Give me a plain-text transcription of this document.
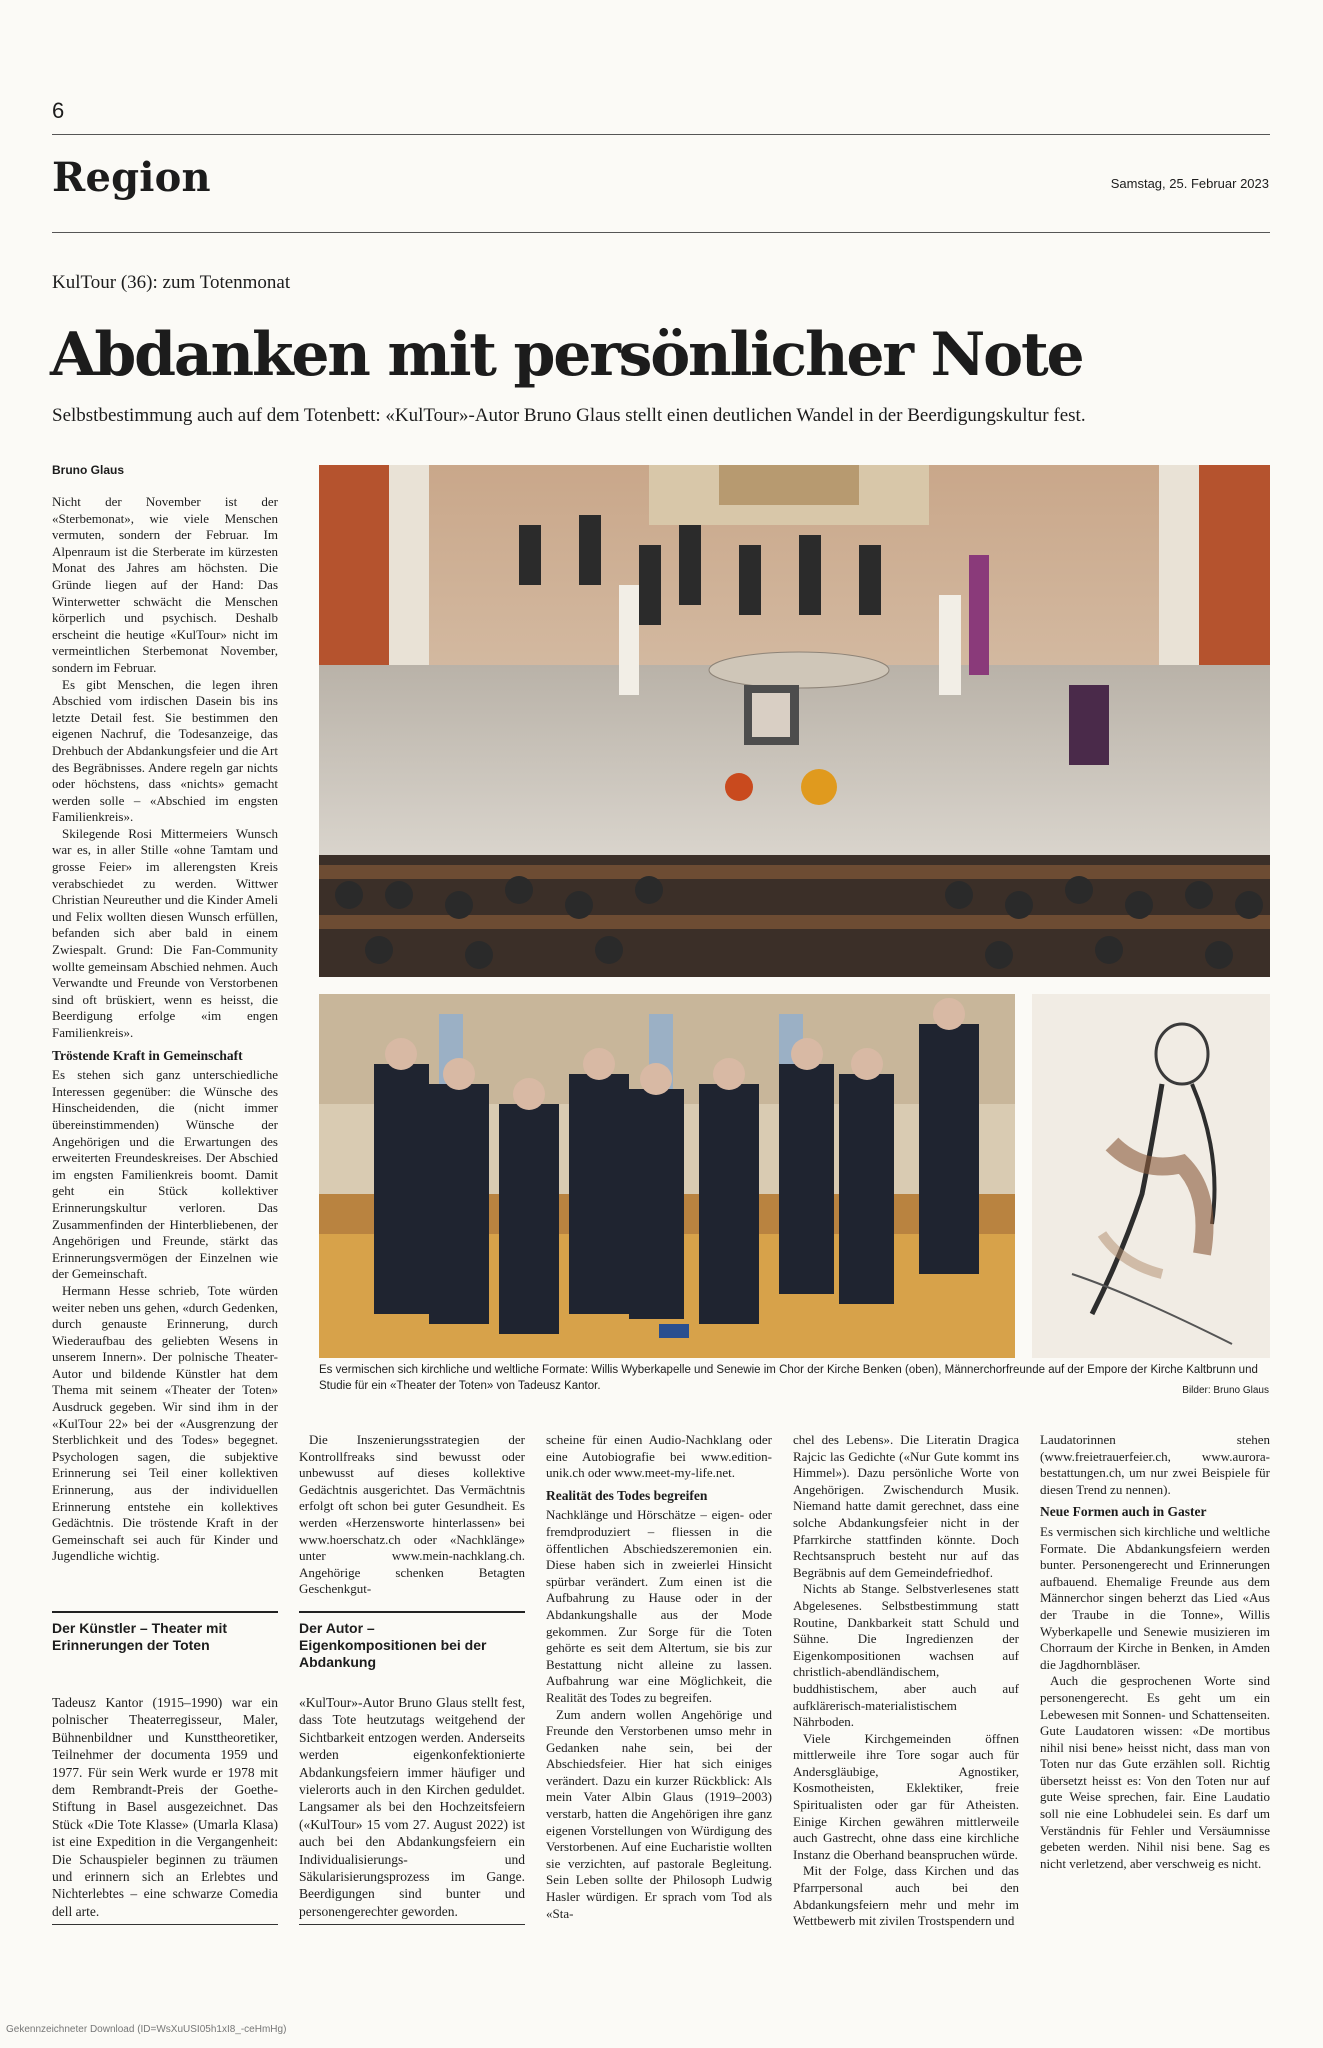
6
Region	Samstag, 25. Februar 2023
KulTour (36): zum Totenmonat
Abdanken mit persönlicher Note
Selbstbestimmung auch auf dem Totenbett: «KulTour»-Autor Bruno Glaus stellt einen deutlichen Wandel in der Beerdigungskultur fest.
Bruno Glaus

Nicht der November ist der «Sterbemonat», wie viele Menschen vermuten, sondern der Februar. Im Alpenraum ist die Sterberate im kürzesten Monat des Jahres am höchsten. Die Gründe liegen auf der Hand: Das Winterwetter schwächt die Menschen körperlich und psychisch. Deshalb erscheint die heutige «KulTour» nicht im vermeintlichen Sterbemonat November, sondern im Februar.

Es gibt Menschen, die legen ihren Abschied vom irdischen Dasein bis ins letzte Detail fest. Sie bestimmen den eigenen Nachruf, die Todesanzeige, das Drehbuch der Abdankungsfeier und die Art des Begräbnisses. Andere regeln gar nichts oder höchstens, dass «nichts» gemacht werden solle – «Abschied im engsten Familienkreis».

Skilegende Rosi Mittermeiers Wunsch war es, in aller Stille «ohne Tamtam und grosse Feier» im allerengsten Kreis verabschiedet zu werden. Wittwer Christian Neureuther und die Kinder Ameli und Felix wollten diesen Wunsch erfüllen, befanden sich aber bald in einem Zwiespalt. Grund: Die Fan-Community wollte gemeinsam Abschied nehmen. Auch Verwandte und Freunde von Verstorbenen sind oft brüskiert, wenn es heisst, die Beerdigung erfolge «im engen Familienkreis».

Tröstende Kraft in Gemeinschaft

Es stehen sich ganz unterschiedliche Interessen gegenüber: die Wünsche des Hinscheidenden, die (nicht immer übereinstimmenden) Wünsche der Angehörigen und die Erwartungen des erweiterten Freundeskreises. Der Abschied im engsten Familienkreis boomt. Damit geht ein Stück kollektiver Erinnerungskultur verloren. Das Zusammenfinden der Hinterbliebenen, der Angehörigen und Freunde, stärkt das Erinnerungsvermögen der Einzelnen wie der Gemeinschaft.

Hermann Hesse schrieb, Tote würden weiter neben uns gehen, «durch Gedenken, durch genauste Erinnerung, durch Wiederaufbau des geliebten Wesens in unserem Innern». Der polnische Theater-Autor und bildende Künstler hat dem Thema mit seinem «Theater der Toten» Ausdruck gegeben. Wir sind ihm in der «KulTour 22» bei der «Ausgrenzung der Sterblichkeit und des Todes» begegnet. Psychologen sagen, die subjektive Erinnerung sei Teil einer kollektiven Erinnerung, aus der individuellen Erinnerung entstehe ein kollektives Gedächtnis. Die tröstende Kraft in der Gemeinschaft sei auch für Kinder und Jugendliche wichtig.

Es vermischen sich kirchliche und weltliche Formate: Willis Wyberkapelle und Senewie im Chor der Kirche Benken (oben), Männerchorfreunde auf der Empore der Kirche Kaltbrunn und Studie für ein «Theater der Toten» von Tadeusz Kantor.	Bilder: Bruno Glaus

Die Inszenierungsstrategien der Kontrollfreaks sind bewusst oder unbewusst auf dieses kollektive Gedächtnis ausgerichtet. Das Vermächtnis erfolgt oft schon bei guter Gesundheit. Es werden «Herzensworte hinterlassen» bei www.hoerschatz.ch oder «Nachklänge» unter www.mein-nachklang.ch. Angehörige schenken Betagten Geschenkgut-

scheine für einen Audio-Nachklang oder eine Autobiografie bei www.edition-unik.ch oder www.meet-my-life.net.

Realität des Todes begreifen

Nachklänge und Hörschätze – eigen- oder fremdproduziert – fliessen in die öffentlichen Abschiedszeremonien ein. Diese haben sich in zweierlei Hinsicht spürbar verändert. Zum einen ist die Aufbahrung zu Hause oder in der Abdankungshalle aus der Mode gekommen. Zur Sorge für die Toten gehörte es seit dem Altertum, sie bis zur Bestattung nicht alleine zu lassen. Aufbahrung war eine Möglichkeit, die Realität des Todes zu begreifen.

Zum andern wollen Angehörige und Freunde den Verstorbenen umso mehr in Gedanken nahe sein, bei der Abschiedsfeier. Hier hat sich einiges verändert. Dazu ein kurzer Rückblick: Als mein Vater Albin Glaus (1919–2003) verstarb, hatten die Angehörigen ihre ganz eigenen Vorstellungen von Würdigung des Verstorbenen. Auf eine Eucharistie wollten sie verzichten, auf pastorale Begleitung. Sein Leben sollte der Philosoph Ludwig Hasler würdigen. Er sprach vom Tod als «Sta-

chel des Lebens». Die Literatin Dragica Rajcic las Gedichte («Nur Gute kommt ins Himmel»). Dazu persönliche Worte von Angehörigen. Zwischendurch Musik. Niemand hatte damit gerechnet, dass eine solche Abdankungsfeier nicht in der Pfarrkirche stattfinden könnte. Doch Rechtsanspruch besteht nur auf das Begräbnis auf dem Gemeindefriedhof.

Nichts ab Stange. Selbstverlesenes statt Abgelesenes. Selbstbestimmung statt Routine, Dankbarkeit statt Schuld und Sühne. Die Ingredienzen der Eigenkompositionen wachsen auf christlich-abendländischem, buddhistischem, aber auch auf aufklärerisch-materialistischem Nährboden.

Viele Kirchgemeinden öffnen mittlerweile ihre Tore sogar auch für Andersgläubige, Agnostiker, Kosmotheisten, Eklektiker, freie Spiritualisten oder gar für Atheisten. Einige Kirchen gewähren mittlerweile auch Gastrecht, ohne dass eine kirchliche Instanz die Oberhand beanspruchen würde.

Mit der Folge, dass Kirchen und das Pfarrpersonal auch bei den Abdankungsfeiern mehr und mehr im Wettbewerb mit zivilen Trostspendern und

Laudatorinnen stehen (www.freietrauerfeier.ch, www.aurora-bestattungen.ch, um nur zwei Beispiele für diesen Trend zu nennen).

Neue Formen auch in Gaster

Es vermischen sich kirchliche und weltliche Formate. Die Abdankungsfeiern werden bunter. Personengerecht und Erinnerungen aufbauend. Ehemalige Freunde aus dem Männerchor singen beherzt das Lied «Aus der Traube in die Tonne», Willis Wyberkapelle und Senewie musizieren im Chorraum der Kirche in Benken, in Amden die Jagdhornbläser.

Auch die gesprochenen Worte sind personengerecht. Es geht um ein Lebewesen mit Sonnen- und Schattenseiten. Gute Laudatoren wissen: «De mortibus nihil nisi bene» heisst nicht, dass man von Toten nur das Gute erzählen soll. Richtig übersetzt heisst es: Von den Toten nur auf gute Weise sprechen, fair. Eine Laudatio soll nie eine Lobhudelei sein. Es darf um Verständnis für Fehler und Versäumnisse gebeten werden. Nihil nisi bene. Sag es nicht verletzend, aber verschweig es nicht.

Der Künstler – Theater mit Erinnerungen der Toten

Tadeusz Kantor (1915–1990) war ein polnischer Theaterregisseur, Maler, Bühnenbildner und Kunsttheoretiker, Teilnehmer der documenta 1959 und 1977. Für sein Werk wurde er 1978 mit dem Rembrandt-Preis der Goethe-Stiftung in Basel ausgezeichnet. Das Stück «Die Tote Klasse» (Umarla Klasa) ist eine Expedition in die Vergangenheit: Die Schauspieler beginnen zu träumen und erinnern sich an Erlebtes und Nichterlebtes – eine schwarze Comedia dell arte.

Der Autor – Eigenkompositionen bei der Abdankung

«KulTour»-Autor Bruno Glaus stellt fest, dass Tote heutzutags weitgehend der Sichtbarkeit entzogen werden. Anderseits werden eigenkonfektionierte Abdankungsfeiern immer häufiger und vielerorts auch in den Kirchen geduldet. Langsamer als bei den Hochzeitsfeiern («KulTour» 15 vom 27. August 2022) ist auch bei den Abdankungsfeiern ein Individualisierungs- und Säkularisierungsprozess im Gange. Beerdigungen sind bunter und personengerechter geworden.

Gekennzeichneter Download (ID=WsXuUSI05h1xI8_-ceHmHg)
